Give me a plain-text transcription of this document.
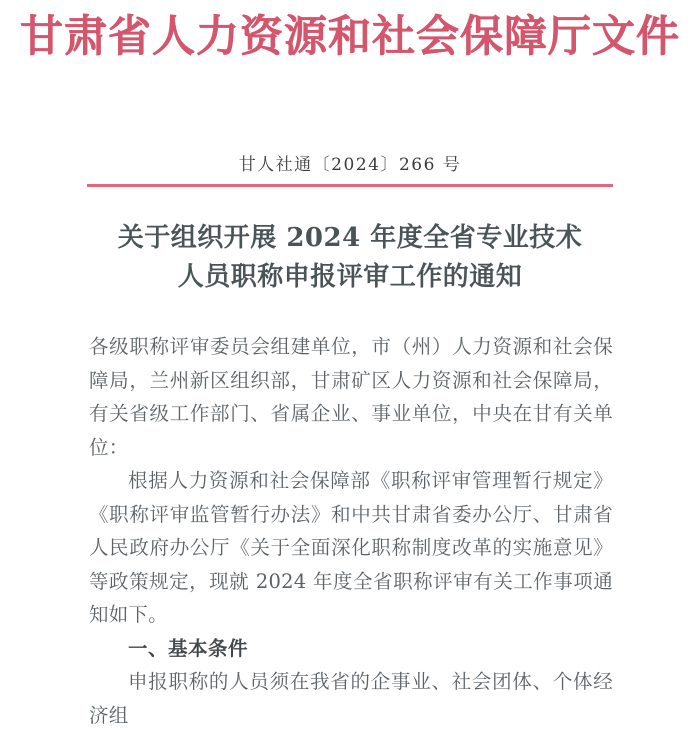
甘肃省人力资源和社会保障厅文件
甘人社通〔2024〕266 号
关于组织开展 2024 年度全省专业技术
人员职称申报评审工作的通知

各级职称评审委员会组建单位，市（州）人力资源和社会保障局，兰州新区组织部，甘肃矿区人力资源和社会保障局，有关省级工作部门、省属企业、事业单位，中央在甘有关单位：

根据人力资源和社会保障部《职称评审管理暂行规定》《职称评审监管暂行办法》和中共甘肃省委办公厅、甘肃省人民政府办公厅《关于全面深化职称制度改革的实施意见》等政策规定，现就 2024 年度全省职称评审有关工作事项通知如下。

一、基本条件

申报职称的人员须在我省的企事业、社会团体、个体经济组
